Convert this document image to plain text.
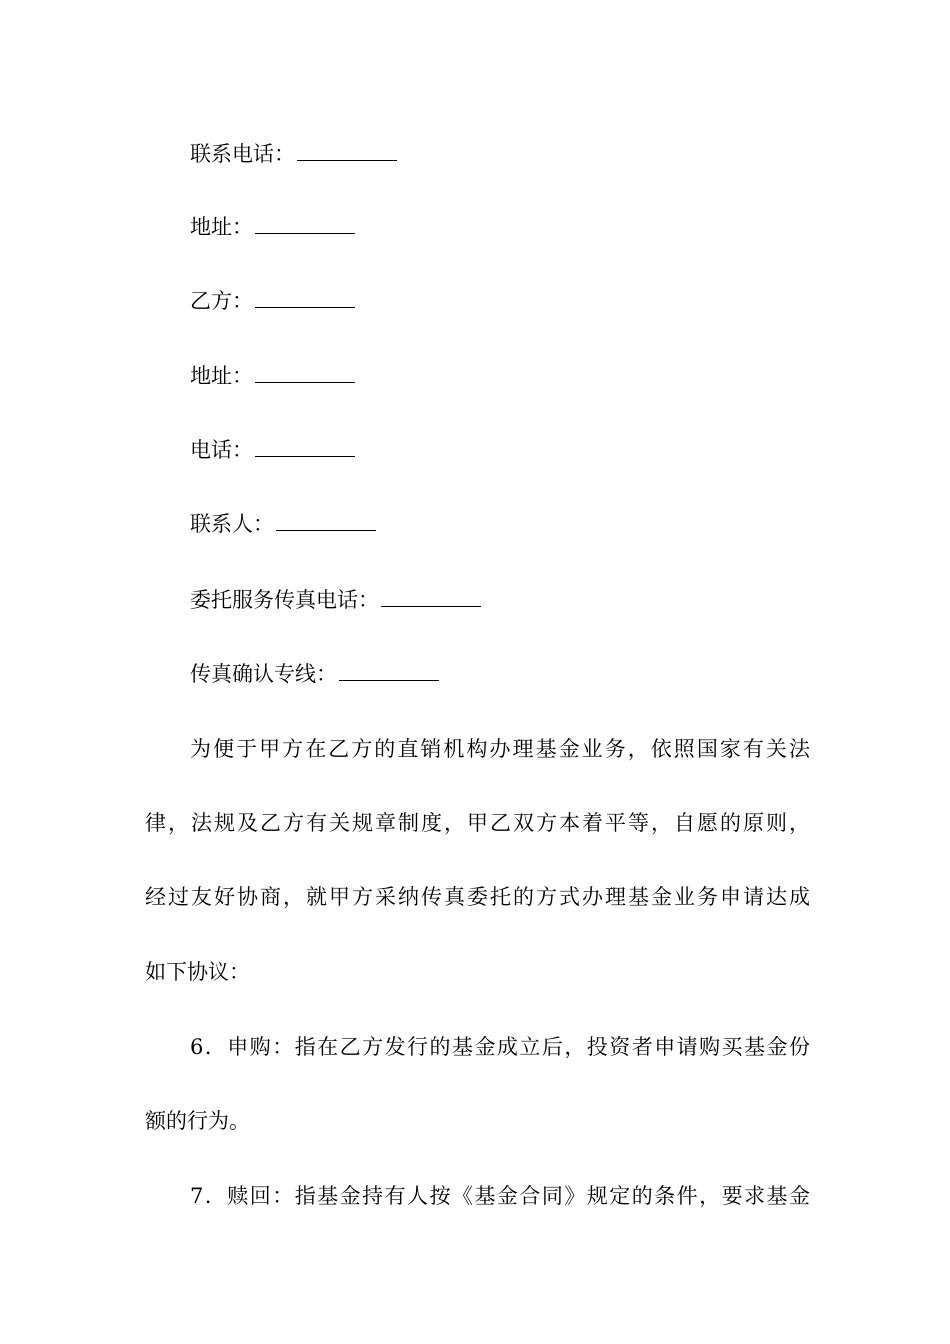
联系电话：
地址：
乙方：
地址：
电话：
联系人：
委托服务传真电话：
传真确认专线：
为便于甲方在乙方的直销机构办理基金业务，依照国家有关法
律，法规及乙方有关规章制度，甲乙双方本着平等，自愿的原则，
经过友好协商，就甲方采纳传真委托的方式办理基金业务申请达成
如下协议：
6．申购：指在乙方发行的基金成立后，投资者申请购买基金份
额的行为。
7．赎回：指基金持有人按《基金合同》规定的条件，要求基金
